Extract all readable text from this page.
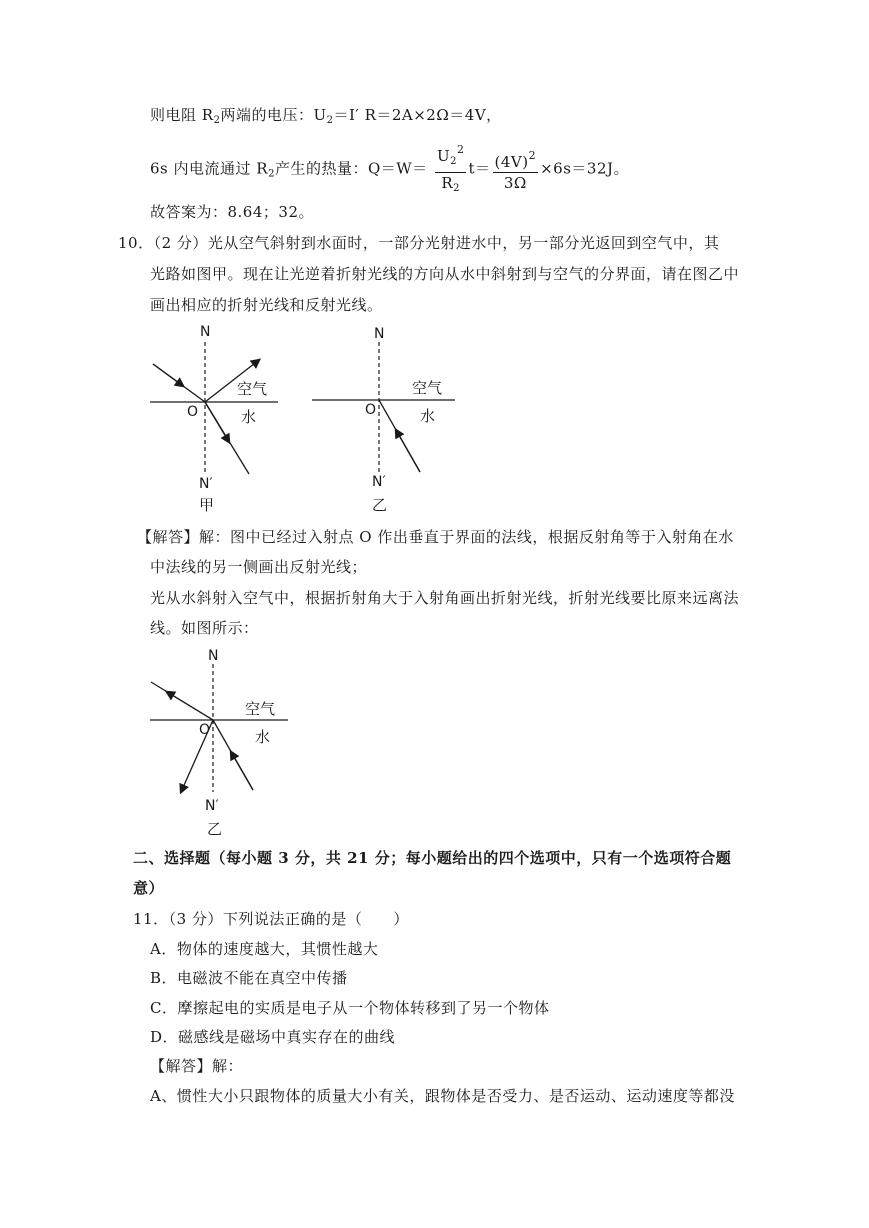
则电阻 $R_2$两端的电压：$U_2=I'$ R＝2A×2Ω＝4V，
6s 内电流通过 $R_2$产生的热量：$Q=W= \frac{U_2^2}{R_2} t= \frac{(4V)^2}{3\Omega} \times 6s=32J$。
故答案为：8.64；32。
10．（2 分）光从空气斜射到水面时，一部分光射进水中，另一部分光返回到空气中，其
光路如图甲。现在让光逆着折射光线的方向从水中斜射到与空气的分界面，请在图乙中
画出相应的折射光线和反射光线。
N
O
空气
水
N′
甲
N
O
空气
水
N′
乙
【解答】解：图中已经过入射点 O 作出垂直于界面的法线，根据反射角等于入射角在水
中法线的另一侧画出反射光线；
光从水斜射入空气中，根据折射角大于入射角画出折射光线，折射光线要比原来远离法
线。如图所示：
N
O
空气
水
N′
乙
二、选择题（每小题 3 分，共 21 分；每小题给出的四个选项中，只有一个选项符合题
意）
11．（3 分）下列说法正确的是（　　）
A．物体的速度越大，其惯性越大
B．电磁波不能在真空中传播
C．摩擦起电的实质是电子从一个物体转移到了另一个物体
D．磁感线是磁场中真实存在的曲线
【解答】解：
A、惯性大小只跟物体的质量大小有关，跟物体是否受力、是否运动、运动速度等都没
